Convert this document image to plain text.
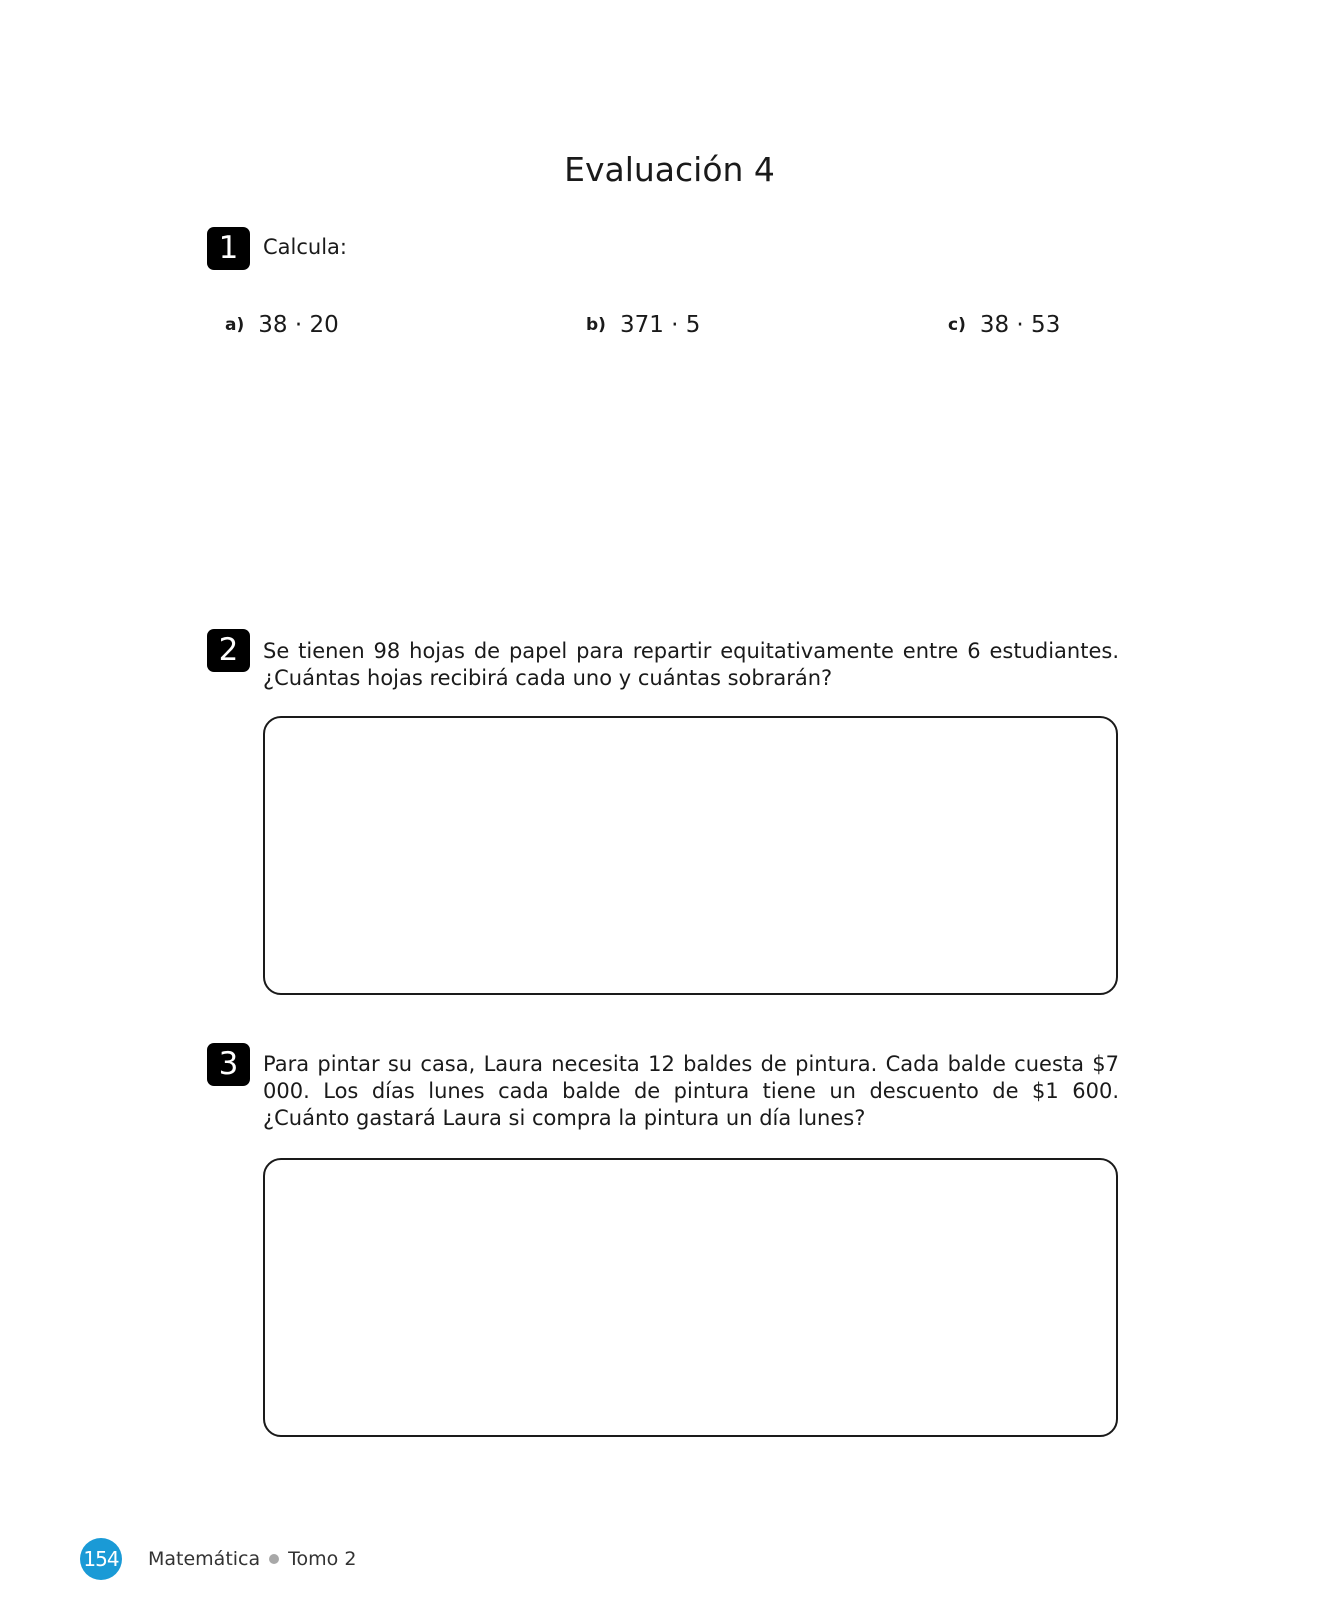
Evaluación 4
1	Calcula:
a) 38 · 20	b) 371 · 5	c) 38 · 53
2	Se tienen 98 hojas de papel para repartir equitativamente entre 6 estudiantes. ¿Cuántas hojas recibirá cada uno y cuántas sobrarán?
3	Para pintar su casa, Laura necesita 12 baldes de pintura. Cada balde cuesta $7 000. Los días lunes cada balde de pintura tiene un descuento de $1 600. ¿Cuánto gastará Laura si compra la pintura un día lunes?
154 Matemática Tomo 2
